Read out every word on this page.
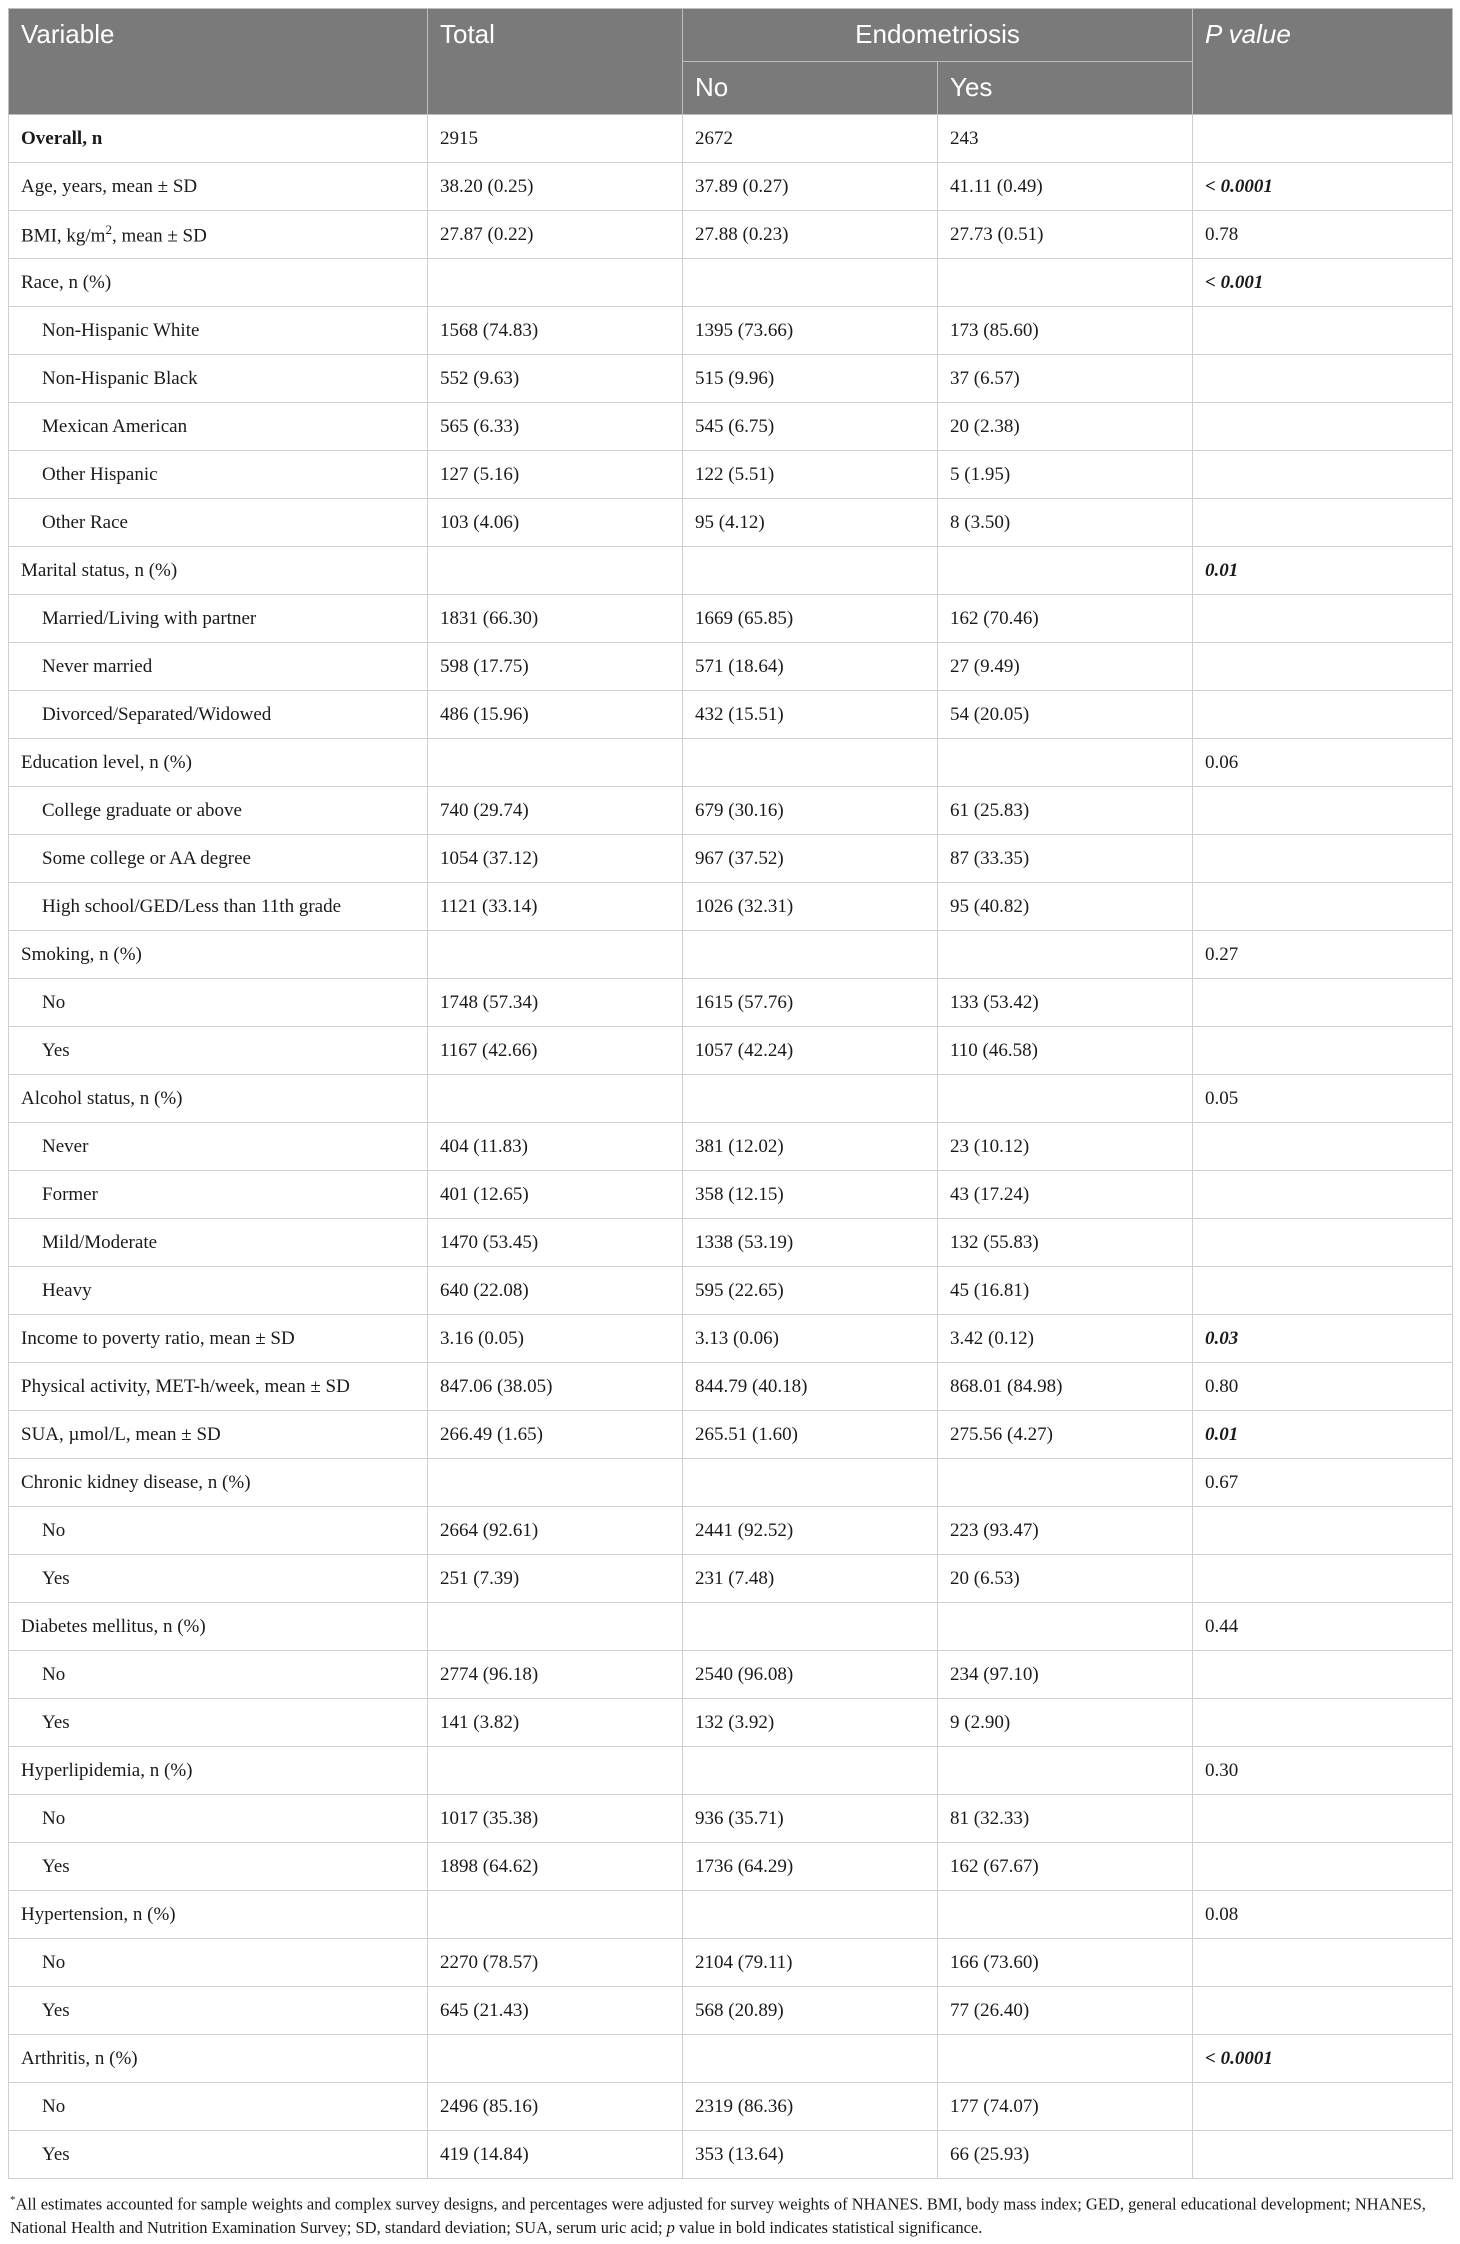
Variable	Total	Endometriosis		P value
		No	Yes	
Overall, n	2915	2672	243	
Age, years, mean ± SD	38.20 (0.25)	37.89 (0.27)	41.11 (0.49)	< 0.0001
BMI, $kg/m^2$, mean ± SD	27.87 (0.22)	27.88 (0.23)	27.73 (0.51)	0.78
Race, n (%)				< 0.001
Non-Hispanic White	1568 (74.83)	1395 (73.66)	173 (85.60)	
Non-Hispanic Black	552 (9.63)	515 (9.96)	37 (6.57)	
Mexican American	565 (6.33)	545 (6.75)	20 (2.38)	
Other Hispanic	127 (5.16)	122 (5.51)	5 (1.95)	
Other Race	103 (4.06)	95 (4.12)	8 (3.50)	
Marital status, n (%)				0.01
Married/Living with partner	1831 (66.30)	1669 (65.85)	162 (70.46)	
Never married	598 (17.75)	571 (18.64)	27 (9.49)	
Divorced/Separated/Widowed	486 (15.96)	432 (15.51)	54 (20.05)	
Education level, n (%)				0.06
College graduate or above	740 (29.74)	679 (30.16)	61 (25.83)	
Some college or AA degree	1054 (37.12)	967 (37.52)	87 (33.35)	
High school/GED/Less than 11th grade	1121 (33.14)	1026 (32.31)	95 (40.82)	
Smoking, n (%)				0.27
No	1748 (57.34)	1615 (57.76)	133 (53.42)	
Yes	1167 (42.66)	1057 (42.24)	110 (46.58)	
Alcohol status, n (%)				0.05
Never	404 (11.83)	381 (12.02)	23 (10.12)	
Former	401 (12.65)	358 (12.15)	43 (17.24)	
Mild/Moderate	1470 (53.45)	1338 (53.19)	132 (55.83)	
Heavy	640 (22.08)	595 (22.65)	45 (16.81)	
Income to poverty ratio, mean ± SD	3.16 (0.05)	3.13 (0.06)	3.42 (0.12)	0.03
Physical activity, MET-h/week, mean ± SD	847.06 (38.05)	844.79 (40.18)	868.01 (84.98)	0.80
SUA, µmol/L, mean ± SD	266.49 (1.65)	265.51 (1.60)	275.56 (4.27)	0.01
Chronic kidney disease, n (%)				0.67
No	2664 (92.61)	2441 (92.52)	223 (93.47)	
Yes	251 (7.39)	231 (7.48)	20 (6.53)	
Diabetes mellitus, n (%)				0.44
No	2774 (96.18)	2540 (96.08)	234 (97.10)	
Yes	141 (3.82)	132 (3.92)	9 (2.90)	
Hyperlipidemia, n (%)				0.30
No	1017 (35.38)	936 (35.71)	81 (32.33)	
Yes	1898 (64.62)	1736 (64.29)	162 (67.67)	
Hypertension, n (%)				0.08
No	2270 (78.57)	2104 (79.11)	166 (73.60)	
Yes	645 (21.43)	568 (20.89)	77 (26.40)	
Arthritis, n (%)				< 0.0001
No	2496 (85.16)	2319 (86.36)	177 (74.07)	
Yes	419 (14.84)	353 (13.64)	66 (25.93)	
*All estimates accounted for sample weights and complex survey designs, and percentages were adjusted for survey weights of NHANES. BMI, body mass index; GED, general educational development; NHANES, National Health and Nutrition Examination Survey; SD, standard deviation; SUA, serum uric acid; p value in bold indicates statistical significance.
